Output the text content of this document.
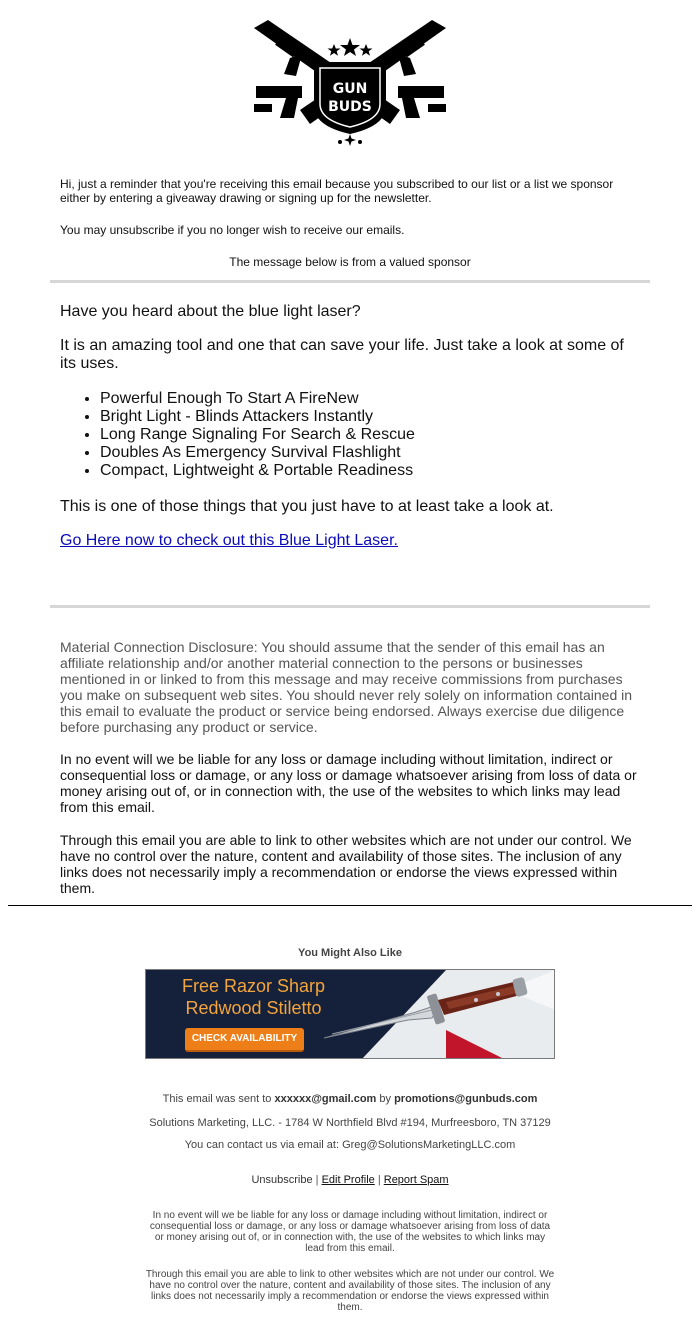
GUN
BUDS
Hi, just a reminder that you're receiving this email because you subscribed to our list or a list we sponsor either by entering a giveaway drawing or signing up for the newsletter.
You may unsubscribe if you no longer wish to receive our emails.
The message below is from a valued sponsor
Have you heard about the blue light laser?
It is an amazing tool and one that can save your life. Just take a look at some of its uses.
• Powerful Enough To Start A FireNew
• Bright Light - Blinds Attackers Instantly
• Long Range Signaling For Search & Rescue
• Doubles As Emergency Survival Flashlight
• Compact, Lightweight & Portable Readiness
This is one of those things that you just have to at least take a look at.
Go Here now to check out this Blue Light Laser.
Material Connection Disclosure: You should assume that the sender of this email has an affiliate relationship and/or another material connection to the persons or businesses mentioned in or linked to from this message and may receive commissions from purchases you make on subsequent web sites. You should never rely solely on information contained in this email to evaluate the product or service being endorsed. Always exercise due diligence before purchasing any product or service.
In no event will we be liable for any loss or damage including without limitation, indirect or consequential loss or damage, or any loss or damage whatsoever arising from loss of data or money arising out of, or in connection with, the use of the websites to which links may lead from this email.
Through this email you are able to link to other websites which are not under our control. We have no control over the nature, content and availability of those sites. The inclusion of any links does not necessarily imply a recommendation or endorse the views expressed within them.
You Might Also Like
Free Razor Sharp
Redwood Stiletto
CHECK AVAILABILITY
This email was sent to xxxxxx@gmail.com by promotions@gunbuds.com
Solutions Marketing, LLC. - 1784 W Northfield Blvd #194, Murfreesboro, TN 37129
You can contact us via email at: Greg@SolutionsMarketingLLC.com
Unsubscribe | Edit Profile | Report Spam
In no event will we be liable for any loss or damage including without limitation, indirect or consequential loss or damage, or any loss or damage whatsoever arising from loss of data or money arising out of, or in connection with, the use of the websites to which links may lead from this email.
Through this email you are able to link to other websites which are not under our control. We have no control over the nature, content and availability of those sites. The inclusion of any links does not necessarily imply a recommendation or endorse the views expressed within them.
